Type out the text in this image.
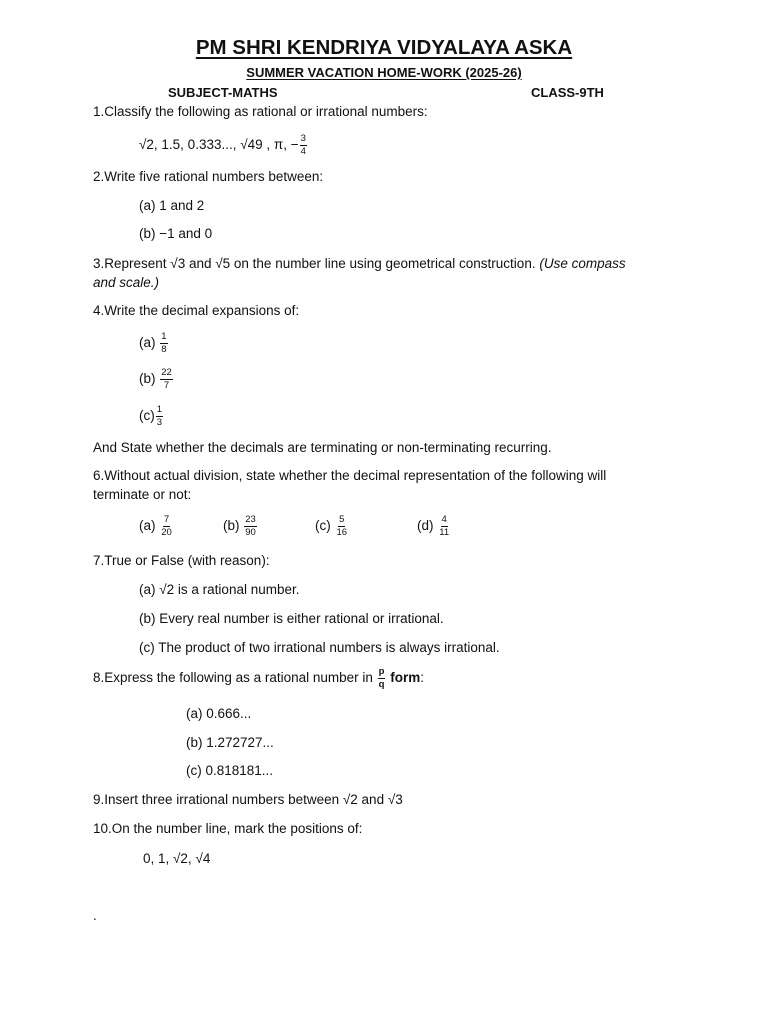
PM SHRI KENDRIYA VIDYALAYA ASKA
SUMMER VACATION HOME-WORK (2025-26)
SUBJECT-MATHS	CLASS-9TH
1.Classify the following as rational or irrational numbers:
√2, 1.5, 0.333..., √49 , π, − $\frac{3}{4}$
2.Write five rational numbers between:
(a) 1 and 2
(b) −1 and 0
3.Represent √3 and √5 on the number line using geometrical construction. (Use compass
and scale.)
4.Write the decimal expansions of:
$(a) \frac{1}{8}$
$(b) \frac{22}{7}$
$(c) \frac{1}{3}$
And State whether the decimals are terminating or non-terminating recurring.
6.Without actual division, state whether the decimal representation of the following will
terminate or not:
$(a) \frac{7}{20}$	$(b) \frac{23}{90}$	$(c) \frac{5}{16}$	$(d) \frac{4}{11}$
7.True or False (with reason):
(a) √2 is a rational number.
(b) Every real number is either rational or irrational.
(c) The product of two irrational numbers is always irrational.
8.Express the following as a rational number in $\frac{p}{q}$ form:
(a) 0.666...
(b) 1.272727...
(c) 0.818181...
9.Insert three irrational numbers between √2 and √3
10.On the number line, mark the positions of:
0, 1, √2, √4
.
